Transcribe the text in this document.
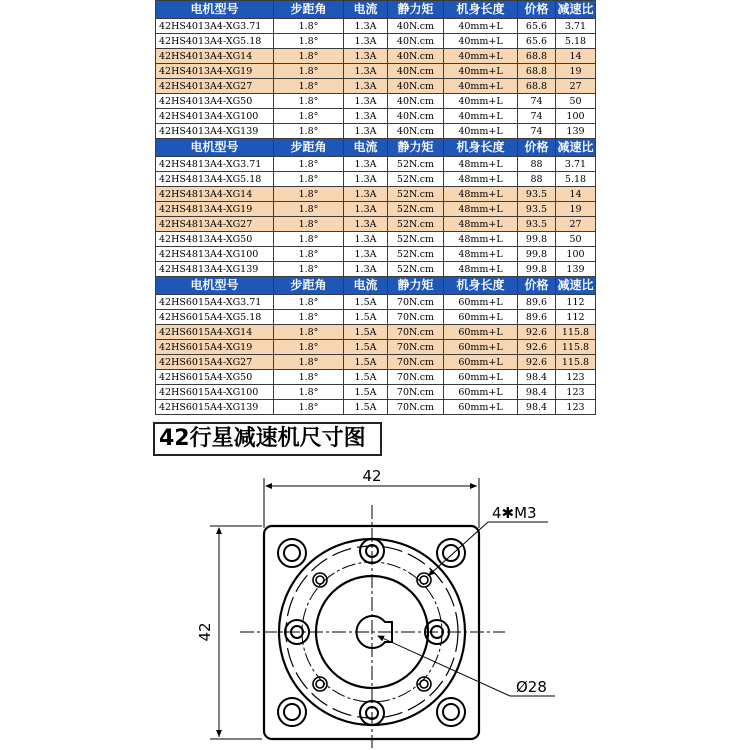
电机型号	步距角	电流	静力矩	机身长度	价格	减速比
42HS4013A4-XG3.71	1.8°	1.3A	40N.cm	40mm+L	65.6	3.71
42HS4013A4-XG5.18	1.8°	1.3A	40N.cm	40mm+L	65.6	5.18
42HS4013A4-XG14	1.8°	1.3A	40N.cm	40mm+L	68.8	14
42HS4013A4-XG19	1.8°	1.3A	40N.cm	40mm+L	68.8	19
42HS4013A4-XG27	1.8°	1.3A	40N.cm	40mm+L	68.8	27
42HS4013A4-XG50	1.8°	1.3A	40N.cm	40mm+L	74	50
42HS4013A4-XG100	1.8°	1.3A	40N.cm	40mm+L	74	100
42HS4013A4-XG139	1.8°	1.3A	40N.cm	40mm+L	74	139
电机型号	步距角	电流	静力矩	机身长度	价格	减速比
42HS4813A4-XG3.71	1.8°	1.3A	52N.cm	48mm+L	88	3.71
42HS4813A4-XG5.18	1.8°	1.3A	52N.cm	48mm+L	88	5.18
42HS4813A4-XG14	1.8°	1.3A	52N.cm	48mm+L	93.5	14
42HS4813A4-XG19	1.8°	1.3A	52N.cm	48mm+L	93.5	19
42HS4813A4-XG27	1.8°	1.3A	52N.cm	48mm+L	93.5	27
42HS4813A4-XG50	1.8°	1.3A	52N.cm	48mm+L	99.8	50
42HS4813A4-XG100	1.8°	1.3A	52N.cm	48mm+L	99.8	100
42HS4813A4-XG139	1.8°	1.3A	52N.cm	48mm+L	99.8	139
电机型号	步距角	电流	静力矩	机身长度	价格	减速比
42HS6015A4-XG3.71	1.8°	1.5A	70N.cm	60mm+L	89.6	112
42HS6015A4-XG5.18	1.8°	1.5A	70N.cm	60mm+L	89.6	112
42HS6015A4-XG14	1.8°	1.5A	70N.cm	60mm+L	92.6	115.8
42HS6015A4-XG19	1.8°	1.5A	70N.cm	60mm+L	92.6	115.8
42HS6015A4-XG27	1.8°	1.5A	70N.cm	60mm+L	92.6	115.8
42HS6015A4-XG50	1.8°	1.5A	70N.cm	60mm+L	98.4	123
42HS6015A4-XG100	1.8°	1.5A	70N.cm	60mm+L	98.4	123
42HS6015A4-XG139	1.8°	1.5A	70N.cm	60mm+L	98.4	123
42行星减速机尺寸图
42
42
4✱M3
Ø28
